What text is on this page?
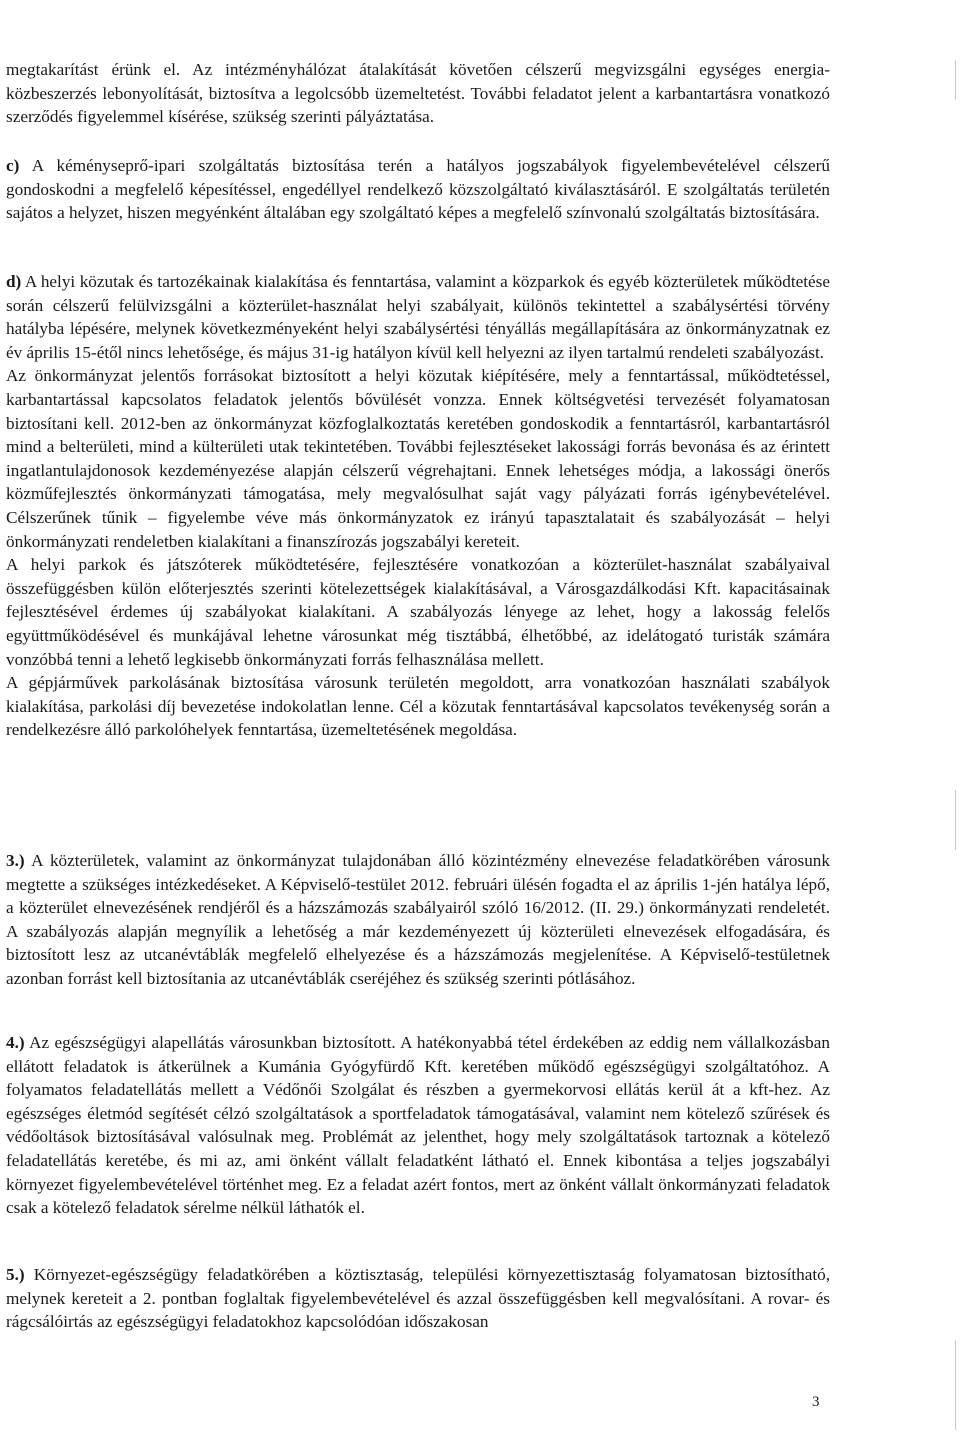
megtakarítást érünk el. Az intézményhálózat átalakítását követően célszerű megvizsgálni egységes energia-közbeszerzés lebonyolítását, biztosítva a legolcsóbb üzemeltetést. További feladatot jelent a karbantartásra vonatkozó szerződés figyelemmel kísérése, szükség szerinti pályáztatása.

c) A kéményseprő-ipari szolgáltatás biztosítása terén a hatályos jogszabályok figyelembevételével célszerű gondoskodni a megfelelő képesítéssel, engedéllyel rendelkező közszolgáltató kiválasztásáról. E szolgáltatás területén sajátos a helyzet, hiszen megyénként általában egy szolgáltató képes a megfelelő színvonalú szolgáltatás biztosítására.

d) A helyi közutak és tartozékainak kialakítása és fenntartása, valamint a közparkok és egyéb közterületek működtetése során célszerű felülvizsgálni a közterület-használat helyi szabályait, különös tekintettel a szabálysértési törvény hatályba lépésére, melynek következményeként helyi szabálysértési tényállás megállapítására az önkormányzatnak ez év április 15-étől nincs lehetősége, és május 31-ig hatályon kívül kell helyezni az ilyen tartalmú rendeleti szabályozást.

Az önkormányzat jelentős forrásokat biztosított a helyi közutak kiépítésére, mely a fenntartással, működtetéssel, karbantartással kapcsolatos feladatok jelentős bővülését vonzza. Ennek költségvetési tervezését folyamatosan biztosítani kell. 2012-ben az önkormányzat közfoglalkoztatás keretében gondoskodik a fenntartásról, karbantartásról mind a belterületi, mind a külterületi utak tekintetében. További fejlesztéseket lakossági forrás bevonása és az érintett ingatlantulajdonosok kezdeményezése alapján célszerű végrehajtani. Ennek lehetséges módja, a lakossági önerős közműfejlesztés önkormányzati támogatása, mely megvalósulhat saját vagy pályázati forrás igénybevételével. Célszerűnek tűnik – figyelembe véve más önkormányzatok ez irányú tapasztalatait és szabályozását – helyi önkormányzati rendeletben kialakítani a finanszírozás jogszabályi kereteit.

A helyi parkok és játszóterek működtetésére, fejlesztésére vonatkozóan a közterület-használat szabályaival összefüggésben külön előterjesztés szerinti kötelezettségek kialakításával, a Városgazdálkodási Kft. kapacitásainak fejlesztésével érdemes új szabályokat kialakítani. A szabályozás lényege az lehet, hogy a lakosság felelős együttműködésével és munkájával lehetne városunkat még tisztábbá, élhetőbbé, az idelátogató turisták számára vonzóbbá tenni a lehető legkisebb önkormányzati forrás felhasználása mellett.

A gépjárművek parkolásának biztosítása városunk területén megoldott, arra vonatkozóan használati szabályok kialakítása, parkolási díj bevezetése indokolatlan lenne. Cél a közutak fenntartásával kapcsolatos tevékenység során a rendelkezésre álló parkolóhelyek fenntartása, üzemeltetésének megoldása.

3.) A közterületek, valamint az önkormányzat tulajdonában álló közintézmény elnevezése feladatkörében városunk megtette a szükséges intézkedéseket. A Képviselő-testület 2012. februári ülésén fogadta el az április 1-jén hatálya lépő, a közterület elnevezésének rendjéről és a házszámozás szabályairól szóló 16/2012. (II. 29.) önkormányzati rendeletét. A szabályozás alapján megnyílik a lehetőség a már kezdeményezett új közterületi elnevezések elfogadására, és biztosított lesz az utcanévtáblák megfelelő elhelyezése és a házszámozás megjelenítése. A Képviselő-testületnek azonban forrást kell biztosítania az utcanévtáblák cseréjéhez és szükség szerinti pótlásához.

4.) Az egészségügyi alapellátás városunkban biztosított. A hatékonyabbá tétel érdekében az eddig nem vállalkozásban ellátott feladatok is átkerülnek a Kumánia Gyógyfürdő Kft. keretében működő egészségügyi szolgáltatóhoz. A folyamatos feladatellátás mellett a Védőnői Szolgálat és részben a gyermekorvosi ellátás kerül át a kft-hez. Az egészséges életmód segítését célzó szolgáltatások a sportfeladatok támogatásával, valamint nem kötelező szűrések és védőoltások biztosításával valósulnak meg. Problémát az jelenthet, hogy mely szolgáltatások tartoznak a kötelező feladatellátás keretébe, és mi az, ami önként vállalt feladatként látható el. Ennek kibontása a teljes jogszabályi környezet figyelembevételével történhet meg. Ez a feladat azért fontos, mert az önként vállalt önkormányzati feladatok csak a kötelező feladatok sérelme nélkül láthatók el.

5.) Környezet-egészségügy feladatkörében a köztisztaság, települési környezettisztaság folyamatosan biztosítható, melynek kereteit a 2. pontban foglaltak figyelembevételével és azzal összefüggésben kell megvalósítani. A rovar- és rágcsálóirtás az egészségügyi feladatokhoz kapcsolódóan időszakosan

3
